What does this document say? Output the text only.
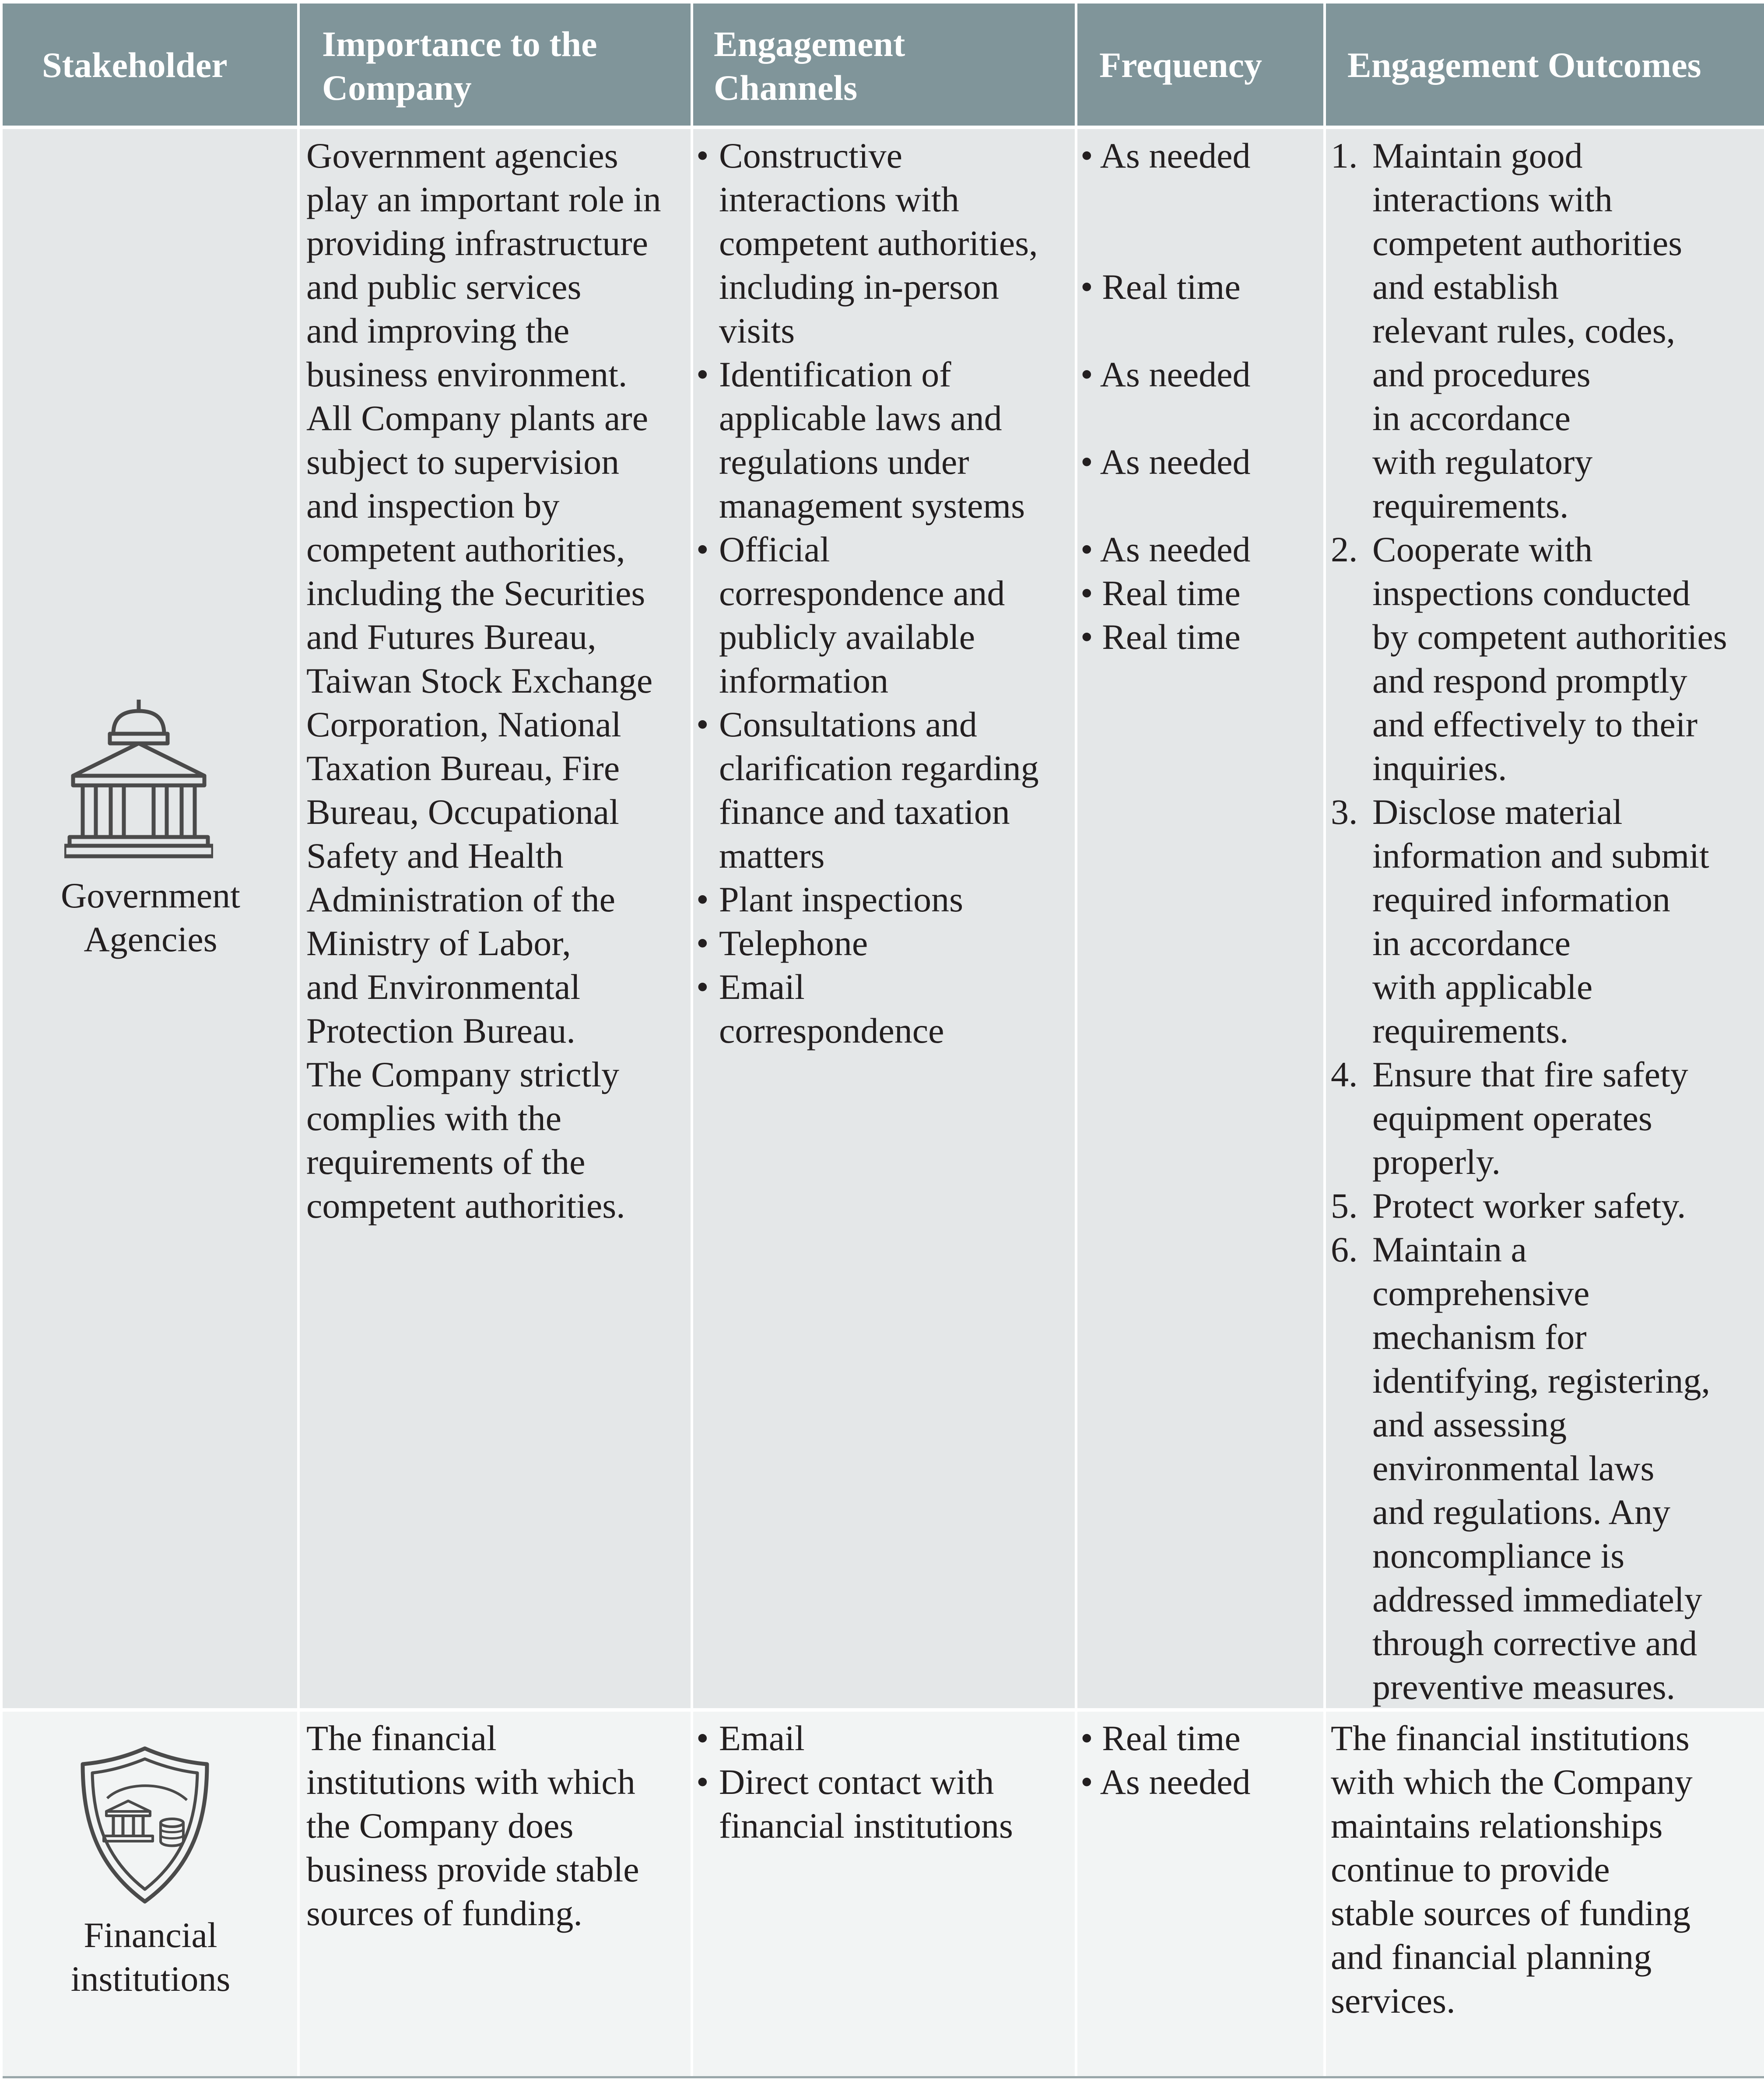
Stakeholder
Importance to the
Company
Engagement
Channels
Frequency Engagement Outcomes
Government
Agencies
Government agencies
play an important role in
providing infrastructure
and public services
and improving the
business environment.
All Company plants are
subject to supervision
and inspection by
competent authorities,
including the Securities
and Futures Bureau,
Taiwan Stock Exchange
Corporation, National
Taxation Bureau, Fire
Bureau, Occupational
Safety and Health
Administration of the
Ministry of Labor,
and Environmental
Protection Bureau.
The Company strictly
complies with the
requirements of the
competent authorities.
• Constructive
interactions with
competent authorities,
including in-person
visits
• Identification of
applicable laws and
regulations under
management systems
• Official
correspondence and
publicly available
information
• Consultations and
clarification regarding
finance and taxation
matters
• Plant inspections
• Telephone
• Email
correspondence
• As needed
• Real time
• As needed
• As needed
• As needed
• Real time
• Real time
1. Maintain good
interactions with
competent authorities
and establish
relevant rules, codes,
and procedures
in accordance
with regulatory
requirements.
2. Cooperate with
inspections conducted
by competent authorities
and respond promptly
and effectively to their
inquiries.
3. Disclose material
information and submit
required information
in accordance
with applicable
requirements.
4. Ensure that fire safety
equipment operates
properly.
5. Protect worker safety.
6. Maintain a
comprehensive
mechanism for
identifying, registering,
and assessing
environmental laws
and regulations. Any
noncompliance is
addressed immediately
through corrective and
preventive measures.
Financial
institutions
The financial
institutions with which
the Company does
business provide stable
sources of funding.
• Email
• Direct contact with
financial institutions
• Real time
• As needed
The financial institutions
with which the Company
maintains relationships
continue to provide
stable sources of funding
and financial planning
services.
